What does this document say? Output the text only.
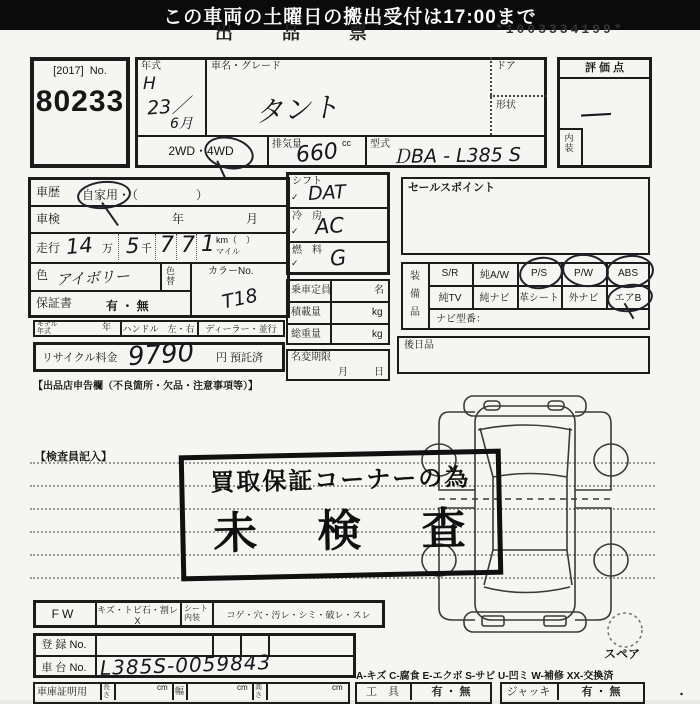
この車両の土曜日の搬出受付は17:00まで
出 品 票	*1003334199*
[2017] No.
80233
年式
H
23／
6月
車名・グレード
タント
ドア
形状
2WD・4WD	排気量	cc
660	型式 ＤBA - L385 S
評 価 点
―
内装
車歴 自家用 ・（　　　　）
車検	年	月
走行 14 万 5 千 7 7 1 km（　）
マイル
色 アイボリー	色替
カラーNo.
T18
保証書	有 ・ 無
シフト
DAT
✓
冷　房
AC
✓
燃　料 G
✓
乗車定員	名
積載量	kg
総重量	kg
名変期限
月	日
セールスポイント
装備品
S/R	純A/W	P/S	P/W	ABS
純TV	純ナビ 革シート 外ナビ	エアB
ナビ型番：
後日品
モデル年式	年 ハンドル　左・右	ディーラー・並行
リサイクル料金 9790 円 預託済
【出品店申告欄（不良箇所・欠品・注意事項等）】
【検査員記入】
スペア
買取保証コーナーの為
未 検 査
FW	キズ・トビ石・割レX
シート内装	コゲ・穴・汚レ・シミ・破レ・スレ
登 録 No.
車 台 No. L385S-0059843	A-キズ C-腐食 E-エクボ S-サビ U-凹ミ W-補修 XX-交換済
車庫証明用 長さ
cm 幅	cm 高さ
cm	工　具	有 ・ 無	ジャッキ	有 ・ 無	・
